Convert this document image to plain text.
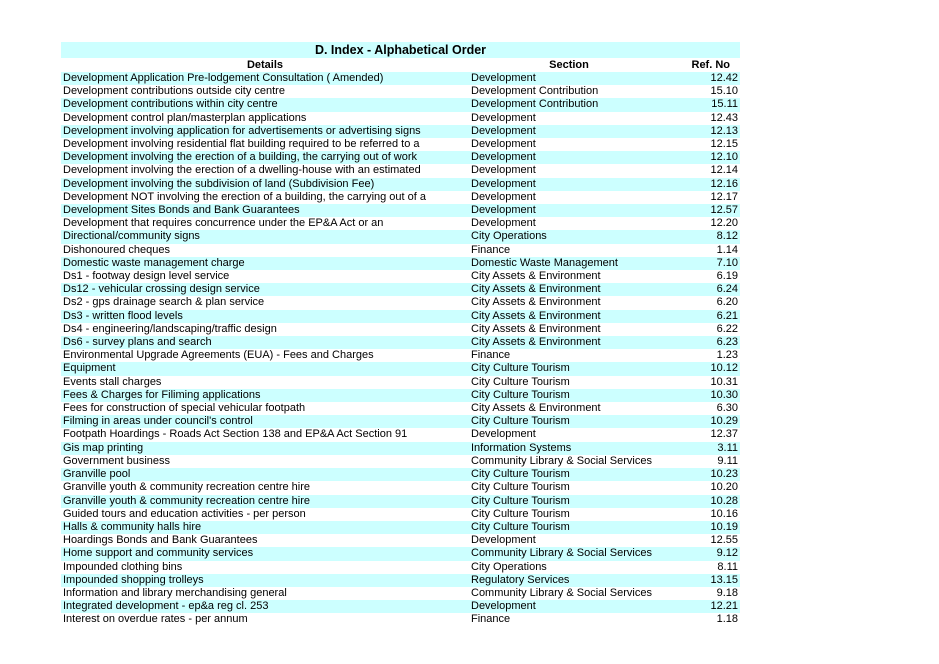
D. Index - Alphabetical Order
Details	Section	Ref. No
Development Application Pre-lodgement Consultation ( Amended)	Development	12.42
Development contributions outside city centre	Development Contribution	15.10
Development contributions within city centre	Development Contribution	15.11
Development control plan/masterplan applications	Development	12.43
Development involving application for advertisements or advertising signs	Development	12.13
Development involving residential flat building required to be referred to a	Development	12.15
Development involving the erection of a building, the carrying out of work	Development	12.10
Development involving the erection of a dwelling-house with an estimated	Development	12.14
Development involving the subdivision of land (Subdivision Fee)	Development	12.16
Development NOT involving the erection of a building, the carrying out of a	Development	12.17
Development Sites Bonds and Bank Guarantees	Development	12.57
Development that requires concurrence under the EP&A Act or an	Development	12.20
Directional/community signs	City Operations	8.12
Dishonoured cheques	Finance	1.14
Domestic waste management charge	Domestic Waste Management	7.10
Ds1 - footway design level service	City Assets & Environment	6.19
Ds12 - vehicular crossing design service	City Assets & Environment	6.24
Ds2 - gps drainage search & plan service	City Assets & Environment	6.20
Ds3 - written flood levels	City Assets & Environment	6.21
Ds4 - engineering/landscaping/traffic design	City Assets & Environment	6.22
Ds6 - survey plans and search	City Assets & Environment	6.23
Environmental Upgrade Agreements (EUA) - Fees and Charges	Finance	1.23
Equipment	City Culture Tourism	10.12
Events stall charges	City Culture Tourism	10.31
Fees & Charges for Filiming applications	City Culture Tourism	10.30
Fees for construction of special vehicular footpath	City Assets & Environment	6.30
Filming in areas under council's control	City Culture Tourism	10.29
Footpath Hoardings - Roads Act Section 138 and EP&A Act Section 91	Development	12.37
Gis map printing	Information Systems	3.11
Government business	Community Library & Social Services	9.11
Granville pool	City Culture Tourism	10.23
Granville youth & community recreation centre hire	City Culture Tourism	10.20
Granville youth & community recreation centre hire	City Culture Tourism	10.28
Guided tours and education activities - per person	City Culture Tourism	10.16
Halls & community halls hire	City Culture Tourism	10.19
Hoardings Bonds and Bank Guarantees	Development	12.55
Home support and community services	Community Library & Social Services	9.12
Impounded clothing bins	City Operations	8.11
Impounded shopping trolleys	Regulatory Services	13.15
Information and library merchandising general	Community Library & Social Services	9.18
Integrated development - ep&a reg cl. 253	Development	12.21
Interest on overdue rates - per annum	Finance	1.18
